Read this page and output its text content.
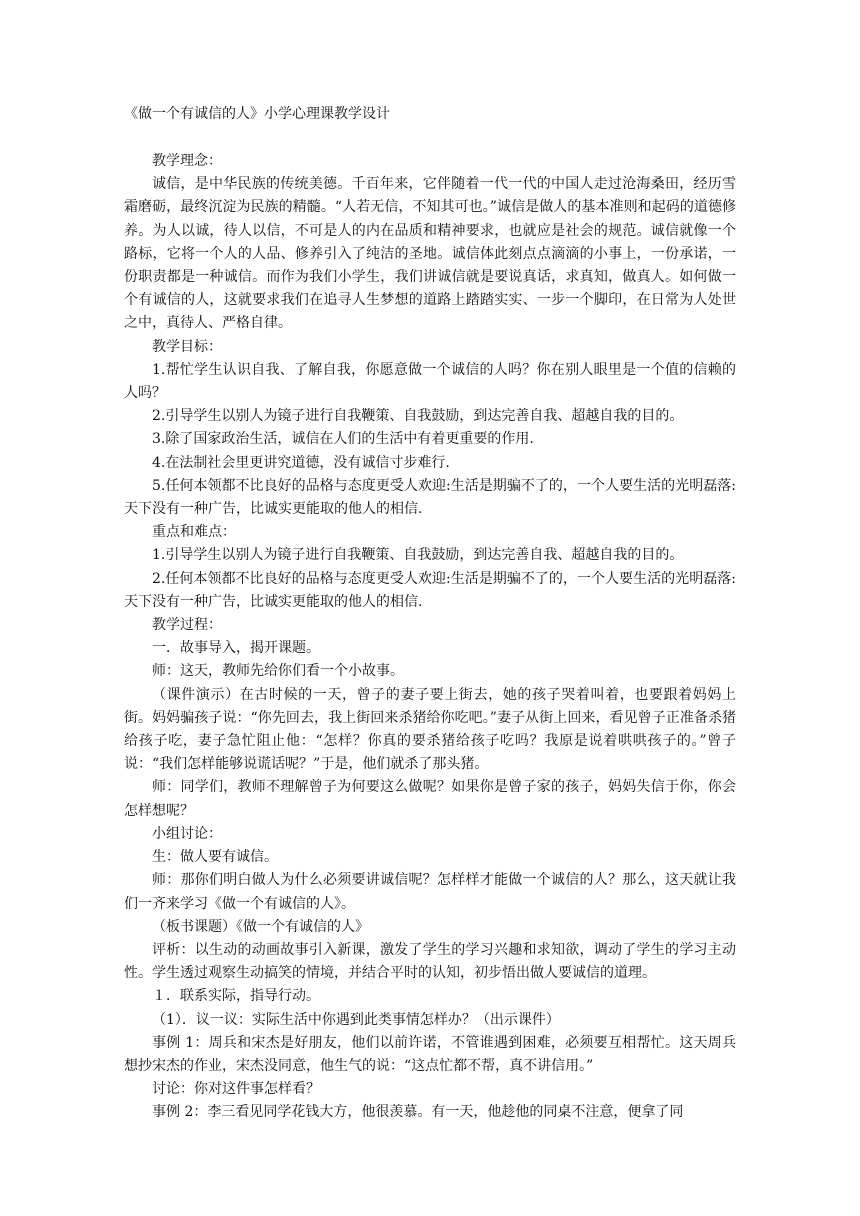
《做一个有诚信的人》小学心理课教学设计

教学理念：

诚信，是中华民族的传统美德。千百年来，它伴随着一代一代的中国人走过沧海桑田，经历雪霜磨砺，最终沉淀为民族的精髓。“人若无信，不知其可也。”诚信是做人的基本准则和起码的道德修养。为人以诚，待人以信，不可是人的内在品质和精神要求，也就应是社会的规范。诚信就像一个路标，它将一个人的人品、修养引入了纯洁的圣地。诚信体此刻点点滴滴的小事上，一份承诺，一份职责都是一种诚信。而作为我们小学生，我们讲诚信就是要说真话，求真知，做真人。如何做一个有诚信的人，这就要求我们在追寻人生梦想的道路上踏踏实实、一步一个脚印，在日常为人处世之中，真待人、严格自律。

教学目标：

1.帮忙学生认识自我、了解自我，你愿意做一个诚信的人吗？你在别人眼里是一个值的信赖的人吗？

2.引导学生以别人为镜子进行自我鞭策、自我鼓励，到达完善自我、超越自我的目的。

3.除了国家政治生活，诚信在人们的生活中有着更重要的作用.

4.在法制社会里更讲究道德，没有诚信寸步难行.

5.任何本领都不比良好的品格与态度更受人欢迎:生活是期骗不了的，一个人要生活的光明磊落:天下没有一种广告，比诚实更能取的他人的相信.

重点和难点：

1.引导学生以别人为镜子进行自我鞭策、自我鼓励，到达完善自我、超越自我的目的。

2.任何本领都不比良好的品格与态度更受人欢迎:生活是期骗不了的，一个人要生活的光明磊落:天下没有一种广告，比诚实更能取的他人的相信.

教学过程：

一．故事导入，揭开课题。

师：这天，教师先给你们看一个小故事。

（课件演示）在古时候的一天，曾子的妻子要上街去，她的孩子哭着叫着，也要跟着妈妈上街。妈妈骗孩子说：“你先回去，我上街回来杀猪给你吃吧。”妻子从街上回来，看见曾子正准备杀猪给孩子吃，妻子急忙阻止他：“怎样？你真的要杀猪给孩子吃吗？我原是说着哄哄孩子的。”曾子说：“我们怎样能够说谎话呢？”于是，他们就杀了那头猪。

师：同学们，教师不理解曾子为何要这么做呢？如果你是曾子家的孩子，妈妈失信于你，你会怎样想呢？

小组讨论：

生：做人要有诚信。

师：那你们明白做人为什么必须要讲诚信呢？怎样样才能做一个诚信的人？那么，这天就让我们一齐来学习《做一个有诚信的人》。

（板书课题）《做一个有诚信的人》

评析：以生动的动画故事引入新课，激发了学生的学习兴趣和求知欲，调动了学生的学习主动性。学生透过观察生动搞笑的情境，并结合平时的认知，初步悟出做人要诚信的道理。

１．联系实际，指导行动。

（1）．议一议：实际生活中你遇到此类事情怎样办？（出示课件）

事例 1：周兵和宋杰是好朋友，他们以前许诺，不管谁遇到困难，必须要互相帮忙。这天周兵想抄宋杰的作业，宋杰没同意，他生气的说：“这点忙都不帮，真不讲信用。”

讨论：你对这件事怎样看？

事例 2：李三看见同学花钱大方，他很羡慕。有一天，他趁他的同桌不注意，便拿了同
